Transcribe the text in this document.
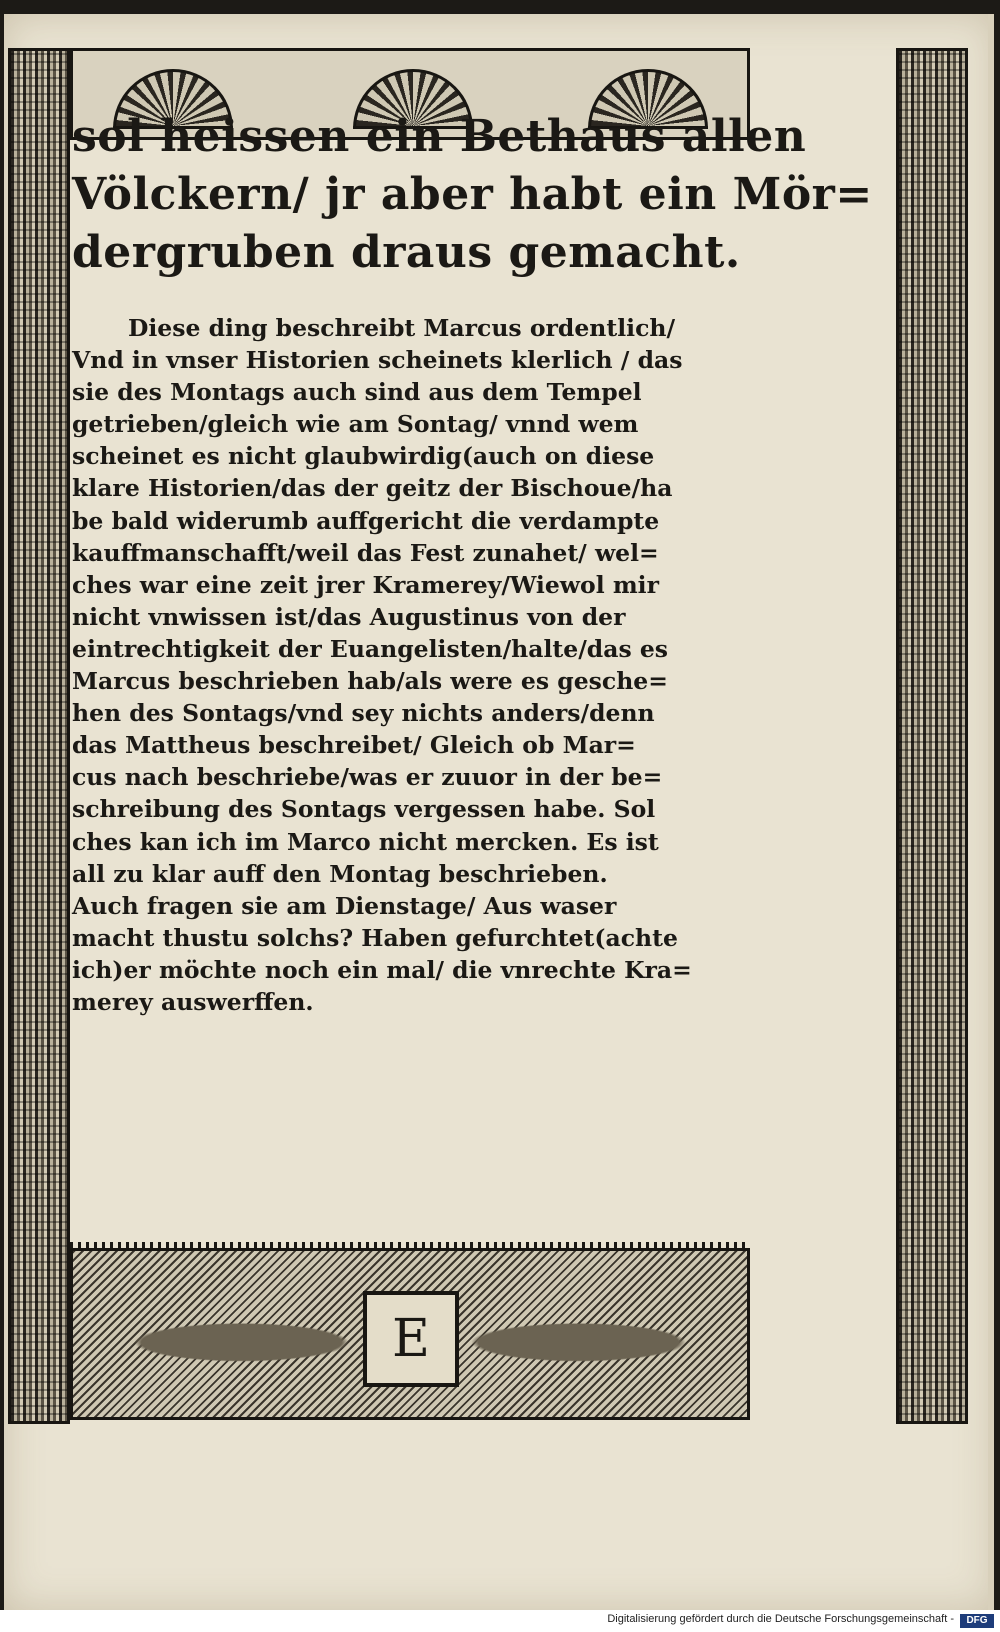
E
sol heissen ein Bethaus allen
Völckern/ jr aber habt ein Mör=
dergruben draus gemacht.
Diese ding beschreibt Marcus ordentlich/
Vnd in vnser Historien scheinets klerlich / das
sie des Montags auch sind aus dem Tempel
getrieben/gleich wie am Sontag/ vnnd wem
scheinet es nicht glaubwirdig(auch on diese
klare Historien/das der geitz der Bischoue/ha
be bald widerumb auffgericht die verdampte
kauffmanschafft/weil das Fest zunahet/ wel=
ches war eine zeit jrer Kramerey/Wiewol mir
nicht vnwissen ist/das Augustinus von der
eintrechtigkeit der Euangelisten/halte/das es
Marcus beschrieben hab/als were es gesche=
hen des Sontags/vnd sey nichts anders/denn
das Mattheus beschreibet/ Gleich ob Mar=
cus nach beschriebe/was er zuuor in der be=
schreibung des Sontags vergessen habe. Sol
ches kan ich im Marco nicht mercken. Es ist
all zu klar auff den Montag beschrieben.
Auch fragen sie am Dienstage/ Aus waser
macht thustu solchs? Haben gefurchtet(achte
ich)er möchte noch ein mal/ die vnrechte Kra=
merey auswerffen.
Digitalisierung gefördert durch die Deutsche Forschungsgemeinschaft -	DFG
